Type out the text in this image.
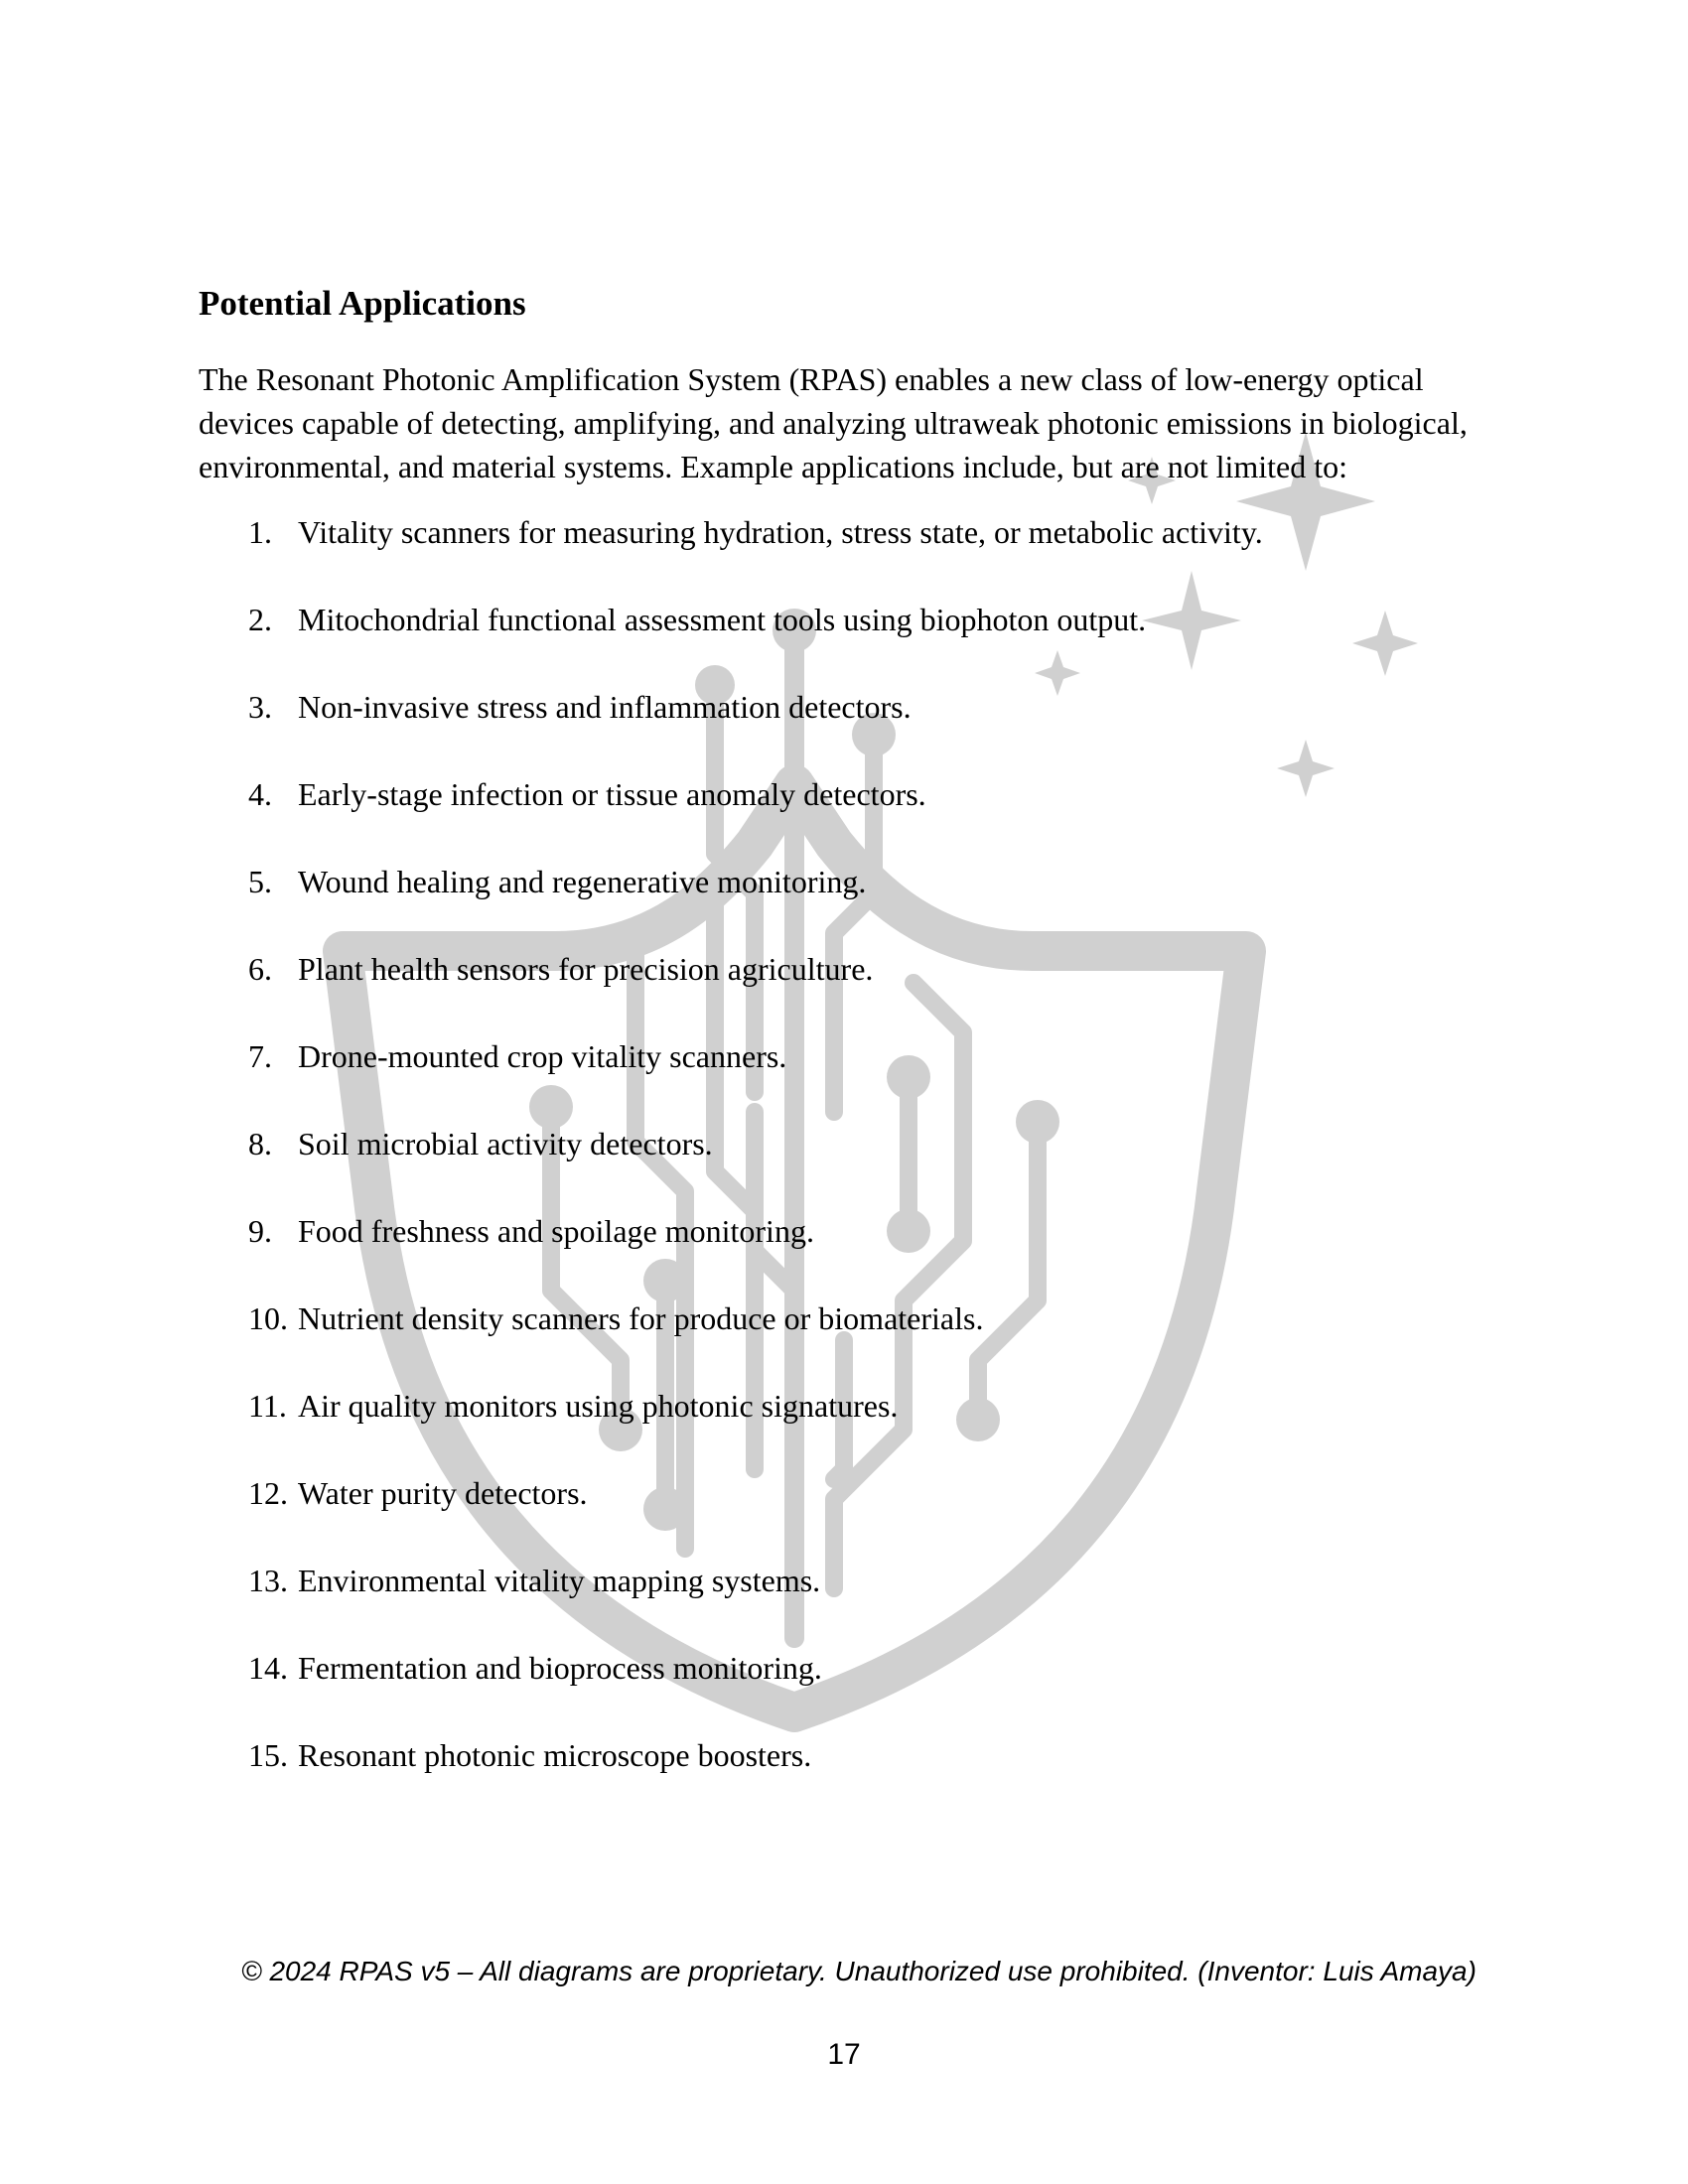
Potential Applications

The Resonant Photonic Amplification System (RPAS) enables a new class of low-energy optical devices capable of detecting, amplifying, and analyzing ultraweak photonic emissions in biological, environmental, and material systems. Example applications include, but are not limited to:

1. Vitality scanners for measuring hydration, stress state, or metabolic activity.
2. Mitochondrial functional assessment tools using biophoton output.
3. Non-invasive stress and inflammation detectors.
4. Early-stage infection or tissue anomaly detectors.
5. Wound healing and regenerative monitoring.
6. Plant health sensors for precision agriculture.
7. Drone-mounted crop vitality scanners.
8. Soil microbial activity detectors.
9. Food freshness and spoilage monitoring.
10. Nutrient density scanners for produce or biomaterials.
11. Air quality monitors using photonic signatures.
12. Water purity detectors.
13. Environmental vitality mapping systems.
14. Fermentation and bioprocess monitoring.
15. Resonant photonic microscope boosters.
© 2024 RPAS v5 – All diagrams are proprietary. Unauthorized use prohibited. (Inventor: Luis Amaya)
17
